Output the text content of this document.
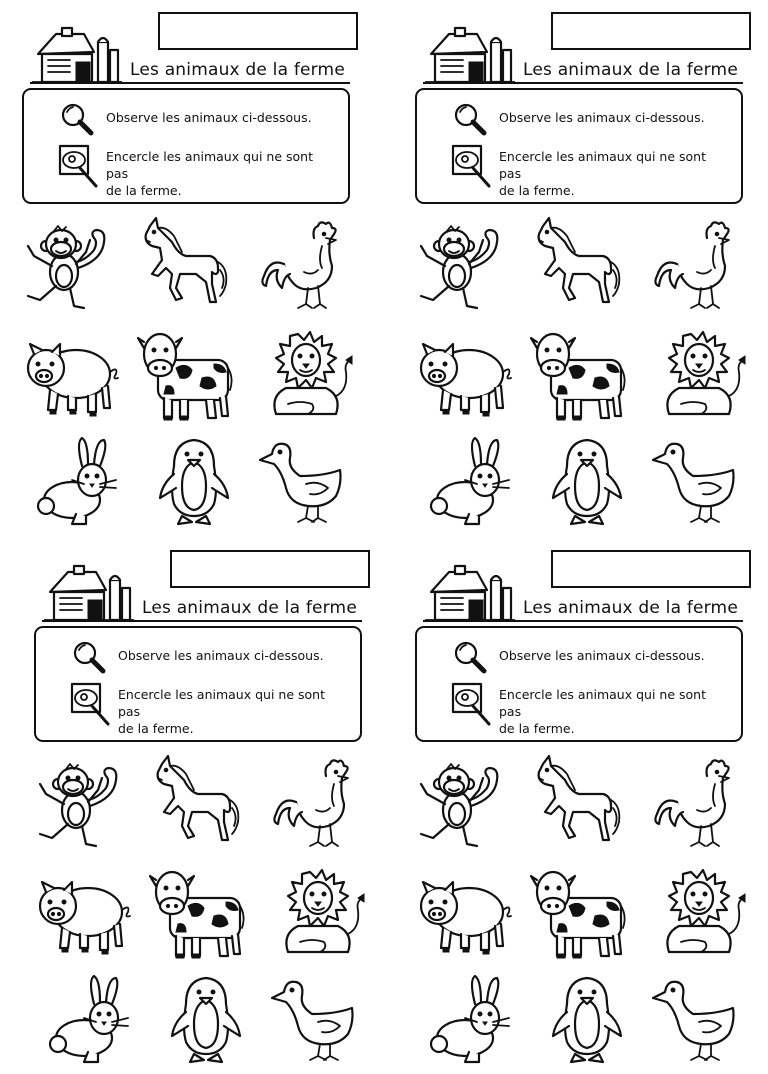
Les animaux de la ferme
Observe les animaux ci-dessous.
Encercle les animaux qui ne sont pas
de la ferme.
Les animaux de la ferme
Observe les animaux ci-dessous.
Encercle les animaux qui ne sont pas
de la ferme.
Les animaux de la ferme
Observe les animaux ci-dessous.
Encercle les animaux qui ne sont pas
de la ferme.
Les animaux de la ferme
Observe les animaux ci-dessous.
Encercle les animaux qui ne sont pas
de la ferme.
